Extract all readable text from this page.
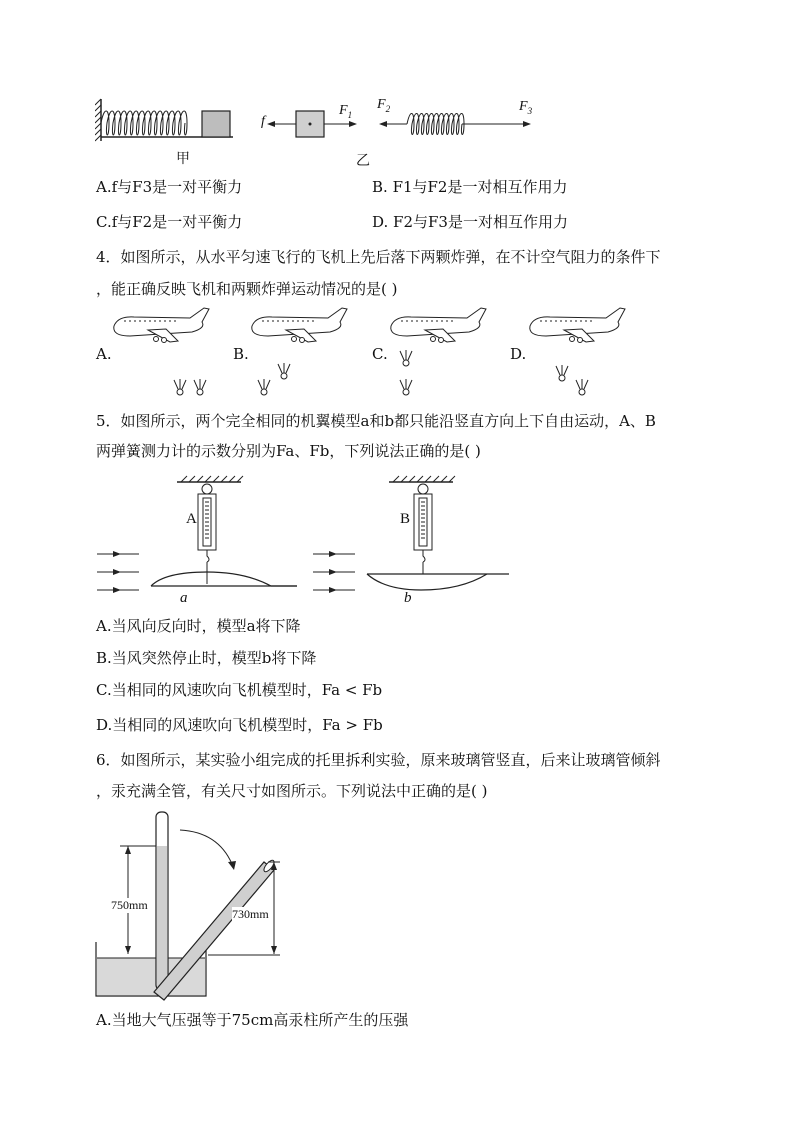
甲	乙
f
$F_1$
$F_2$	$F_3$
A.f与F3是一对平衡力	B. F1与F2是一对相互作用力
C.f与F2是一对平衡力	D. F2与F3是一对相互作用力
4．如图所示，从水平匀速飞行的飞机上先后落下两颗炸弹，在不计空气阻力的条件下
，能正确反映飞机和两颗炸弹运动情况的是( )
A.	B.	C.	D.
5．如图所示，两个完全相同的机翼模型a和b都只能沿竖直方向上下自由运动，A、B
两弹簧测力计的示数分别为Fa、Fb，下列说法正确的是( )
A	B
a	b
A.当风向反向时，模型a将下降
B.当风突然停止时，模型b将下降
C.当相同的风速吹向飞机模型时，Fa < Fb
D.当相同的风速吹向飞机模型时，Fa > Fb
6．如图所示，某实验小组完成的托里拆利实验，原来玻璃管竖直，后来让玻璃管倾斜
，汞充满全管，有关尺寸如图所示。下列说法中正确的是( )
750mm
730mm
A.当地大气压强等于75cm高汞柱所产生的压强
